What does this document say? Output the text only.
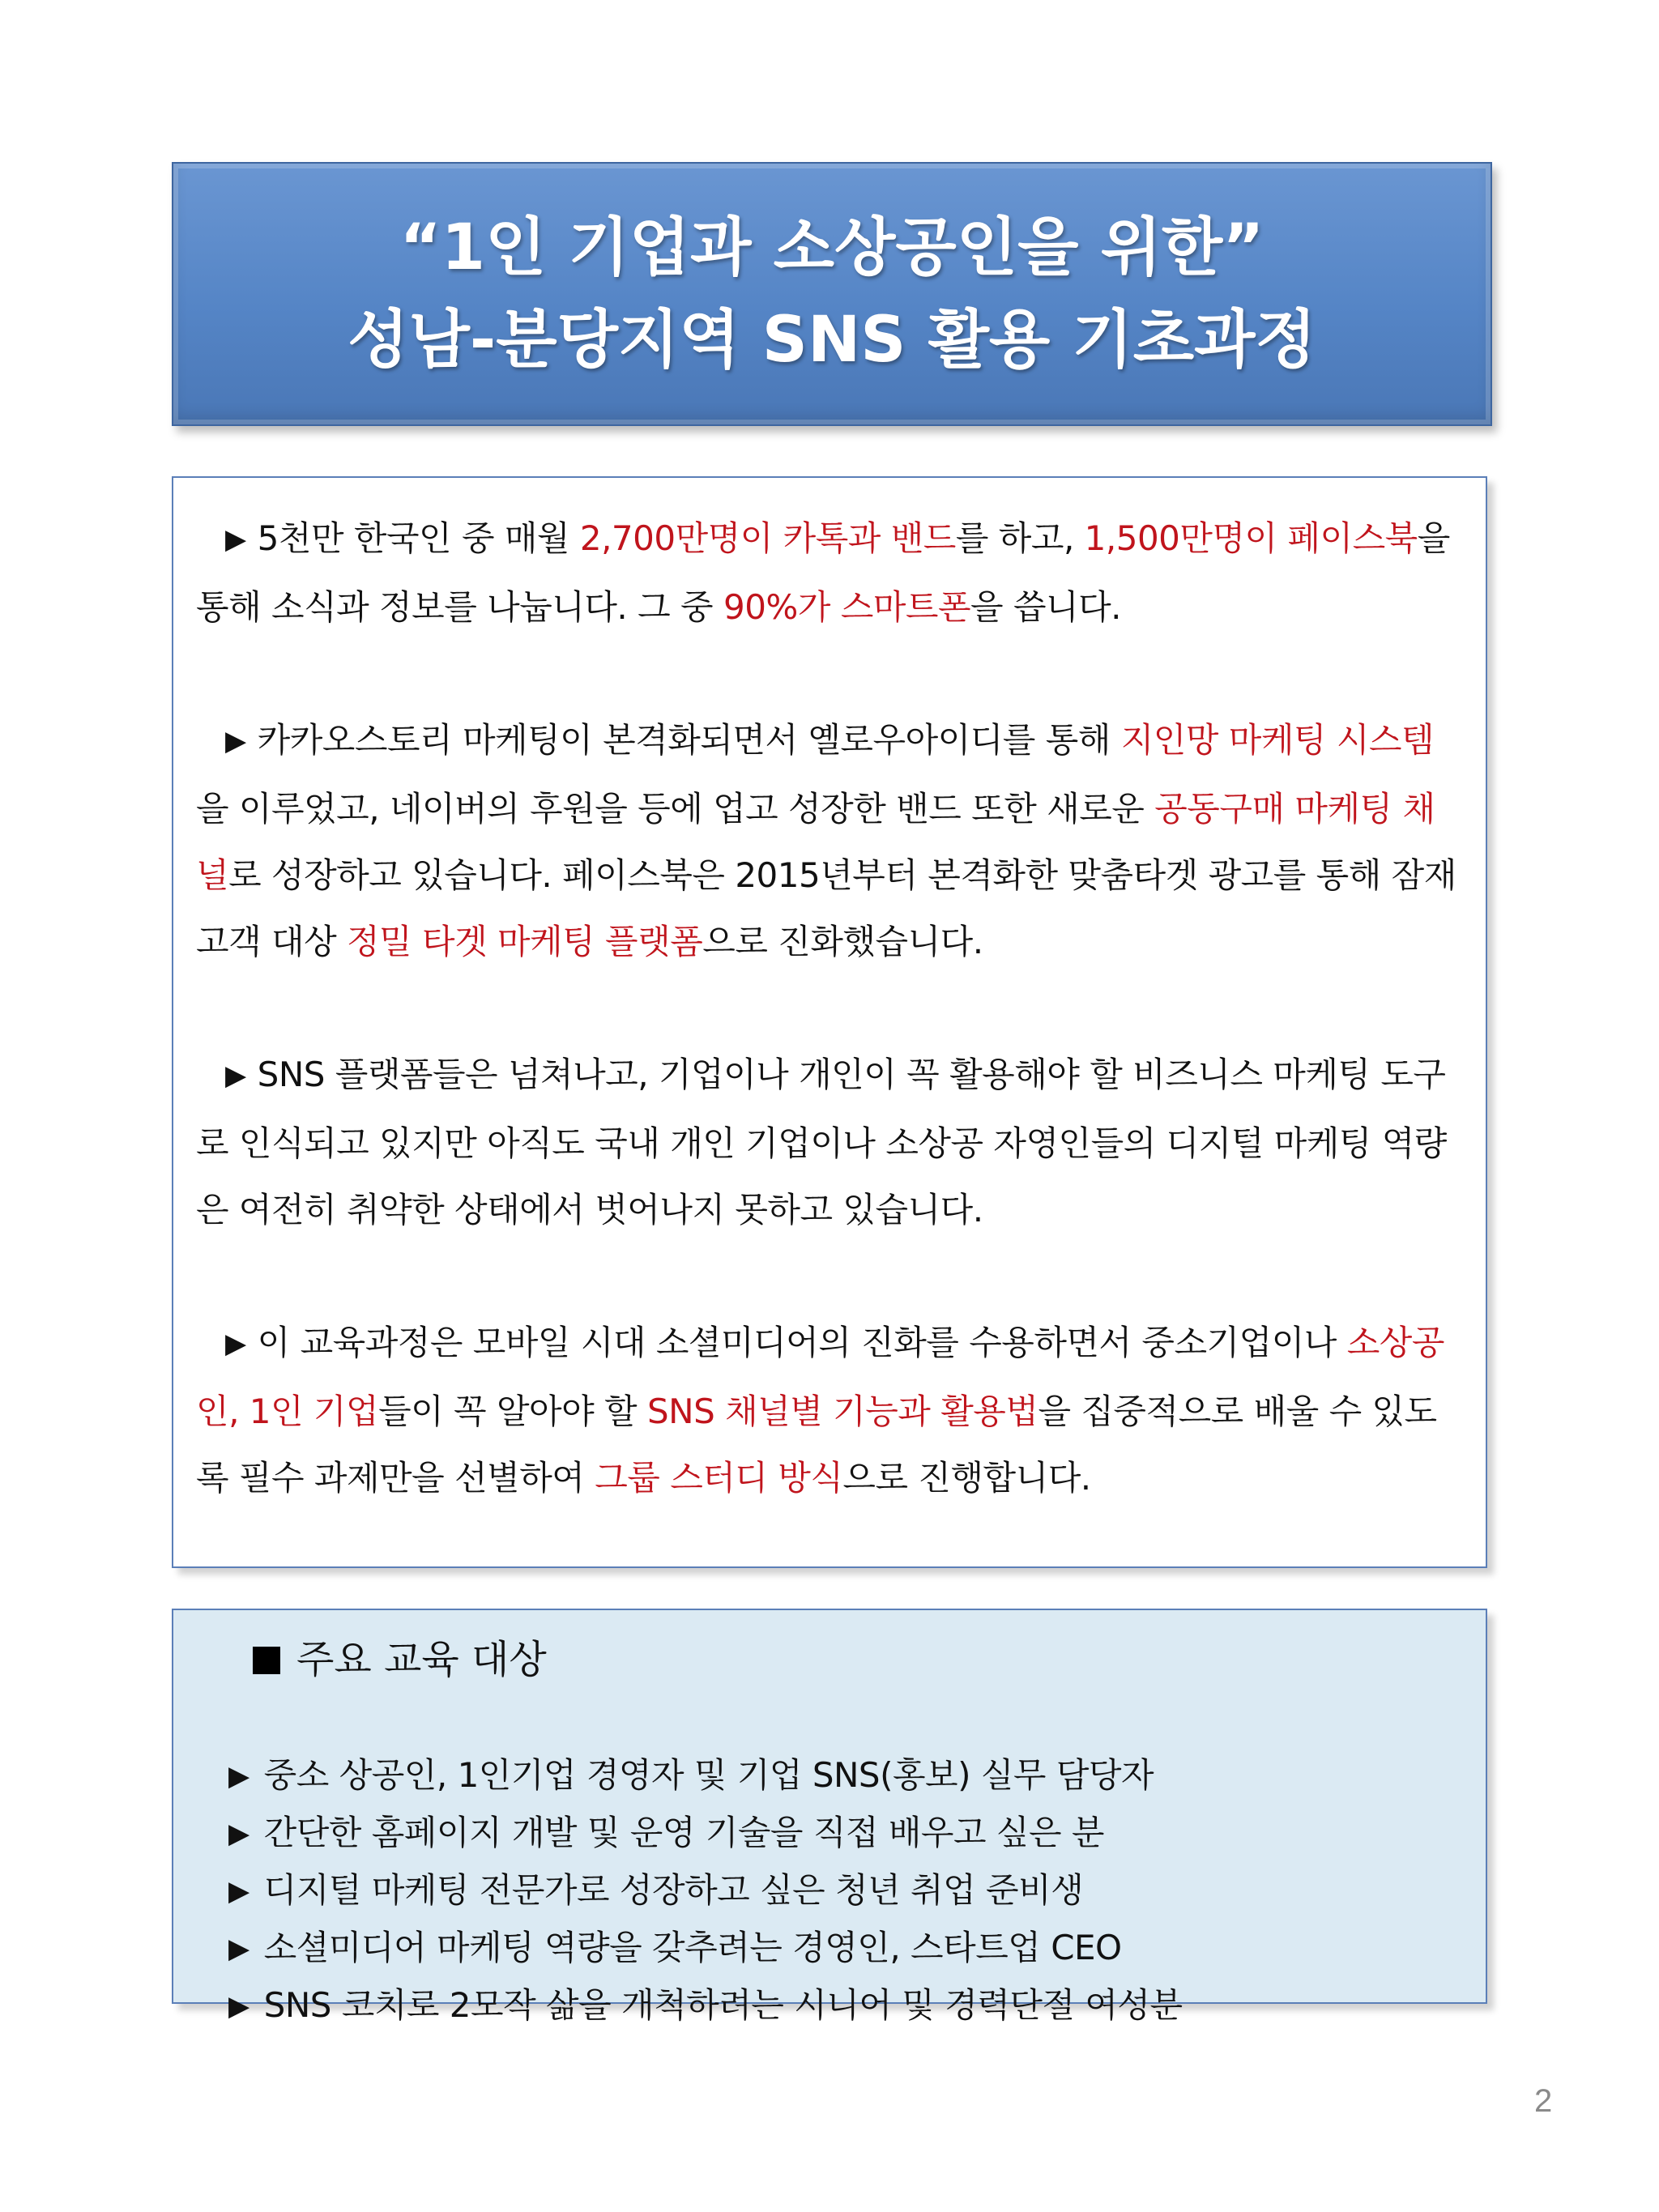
“1인 기업과 소상공인을 위한”
성남-분당지역 SNS 활용 기초과정

▶ 5천만 한국인 중 매월 2,700만명이 카톡과 밴드를 하고, 1,500만명이 페이스북을 통해 소식과 정보를 나눕니다. 그 중 90%가 스마트폰을 씁니다.

▶ 카카오스토리 마케팅이 본격화되면서 옐로우아이디를 통해 지인망 마케팅 시스템을 이루었고, 네이버의 후원을 등에 업고 성장한 밴드 또한 새로운 공동구매 마케팅 채널로 성장하고 있습니다. 페이스북은 2015년부터 본격화한 맞춤타겟 광고를 통해 잠재고객 대상 정밀 타겟 마케팅 플랫폼으로 진화했습니다.

▶ SNS 플랫폼들은 넘쳐나고, 기업이나 개인이 꼭 활용해야 할 비즈니스 마케팅 도구로 인식되고 있지만 아직도 국내 개인 기업이나 소상공 자영인들의 디지털 마케팅 역량은 여전히 취약한 상태에서 벗어나지 못하고 있습니다.

▶ 이 교육과정은 모바일 시대 소셜미디어의 진화를 수용하면서 중소기업이나 소상공인, 1인 기업들이 꼭 알아야 할 SNS 채널별 기능과 활용법을 집중적으로 배울 수 있도록 필수 과제만을 선별하여 그룹 스터디 방식으로 진행합니다.

주요 교육 대상
▶ 중소 상공인, 1인기업 경영자 및 기업 SNS(홍보) 실무 담당자
▶ 간단한 홈페이지 개발 및 운영 기술을 직접 배우고 싶은 분
▶ 디지털 마케팅 전문가로 성장하고 싶은 청년 취업 준비생
▶ 소셜미디어 마케팅 역량을 갖추려는 경영인, 스타트업 CEO
▶ SNS 코치로 2모작 삶을 개척하려는 시니어 및 경력단절 여성분
2
